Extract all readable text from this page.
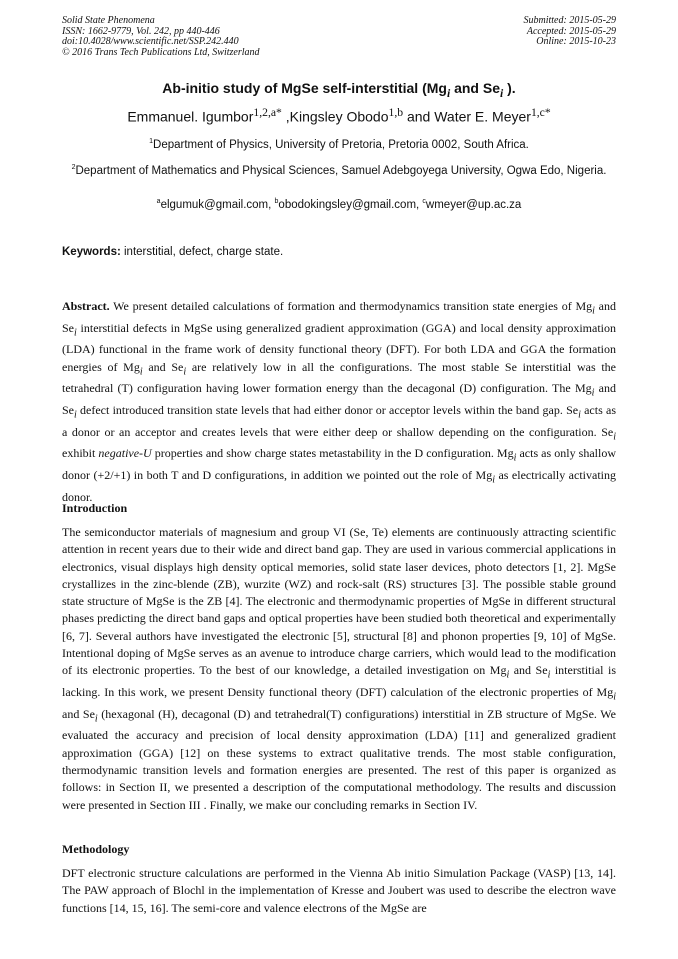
Solid State Phenomena
ISSN: 1662-9779, Vol. 242, pp 440-446
doi:10.4028/www.scientific.net/SSP.242.440
© 2016 Trans Tech Publications Ltd, Switzerland
Submitted: 2015-05-29
Accepted: 2015-05-29
Online: 2015-10-23
Ab-initio study of MgSe self-interstitial ($Mg_i$ and $Se_i$ ).
Emmanuel. Igumbor$^{1,2,a*}$ ,Kingsley Obodo$^{1,b}$ and Water E. Meyer$^{1,c*}$
$^1$Department of Physics, University of Pretoria, Pretoria 0002, South Africa.
$^2$Department of Mathematics and Physical Sciences, Samuel Adebgoyega University, Ogwa Edo, Nigeria.
$^a$elgumuk@gmail.com, $^b$obodokingsley@gmail.com, $^c$wmeyer@up.ac.za
Keywords: interstitial, defect, charge state.
Abstract. We present detailed calculations of formation and thermodynamics transition state energies of $Mg_i$ and $Se_i$ interstitial defects in MgSe using generalized gradient approximation (GGA) and local density approximation (LDA) functional in the frame work of density functional theory (DFT). For both LDA and GGA the formation energies of $Mg_i$ and $Se_i$ are relatively low in all the configurations. The most stable Se interstitial was the tetrahedral (T) configuration having lower formation energy than the decagonal (D) configuration. The $Mg_i$ and $Se_i$ defect introduced transition state levels that had either donor or acceptor levels within the band gap. $Se_i$ acts as a donor or an acceptor and creates levels that were either deep or shallow depending on the configuration. $Se_i$ exhibit negative-U properties and show charge states metastability in the D configuration. $Mg_i$ acts as only shallow donor (+2/+1) in both T and D configurations, in addition we pointed out the role of $Mg_i$ as electrically activating donor.
Introduction
The semiconductor materials of magnesium and group VI (Se, Te) elements are continuously attracting scientific attention in recent years due to their wide and direct band gap. They are used in various commercial applications in electronics, visual displays high density optical memories, solid state laser devices, photo detectors [1, 2]. MgSe crystallizes in the zinc-blende (ZB), wurzite (WZ) and rock-salt (RS) structures [3]. The possible stable ground state structure of MgSe is the ZB [4]. The electronic and thermodynamic properties of MgSe in different structural phases predicting the direct band gaps and optical properties have been studied both theoretical and experimentally [6, 7]. Several authors have investigated the electronic [5], structural [8] and phonon properties [9, 10] of MgSe. Intentional doping of MgSe serves as an avenue to introduce charge carriers, which would lead to the modification of its electronic properties. To the best of our knowledge, a detailed investigation on $Mg_i$ and $Se_i$ interstitial is lacking. In this work, we present Density functional theory (DFT) calculation of the electronic properties of $Mg_i$ and $Se_i$ (hexagonal (H), decagonal (D) and tetrahedral(T) configurations) interstitial in ZB structure of MgSe. We evaluated the accuracy and precision of local density approximation (LDA) [11] and generalized gradient approximation (GGA) [12] on these systems to extract qualitative trends. The most stable configuration, thermodynamic transition levels and formation energies are presented. The rest of this paper is organized as follows: in Section II, we presented a description of the computational methodology. The results and discussion were presented in Section III . Finally, we make our concluding remarks in Section IV.
Methodology
DFT electronic structure calculations are performed in the Vienna Ab initio Simulation Package (VASP) [13, 14]. The PAW approach of Blochl in the implementation of Kresse and Joubert was used to describe the electron wave functions [14, 15, 16]. The semi-core and valence electrons of the MgSe are
